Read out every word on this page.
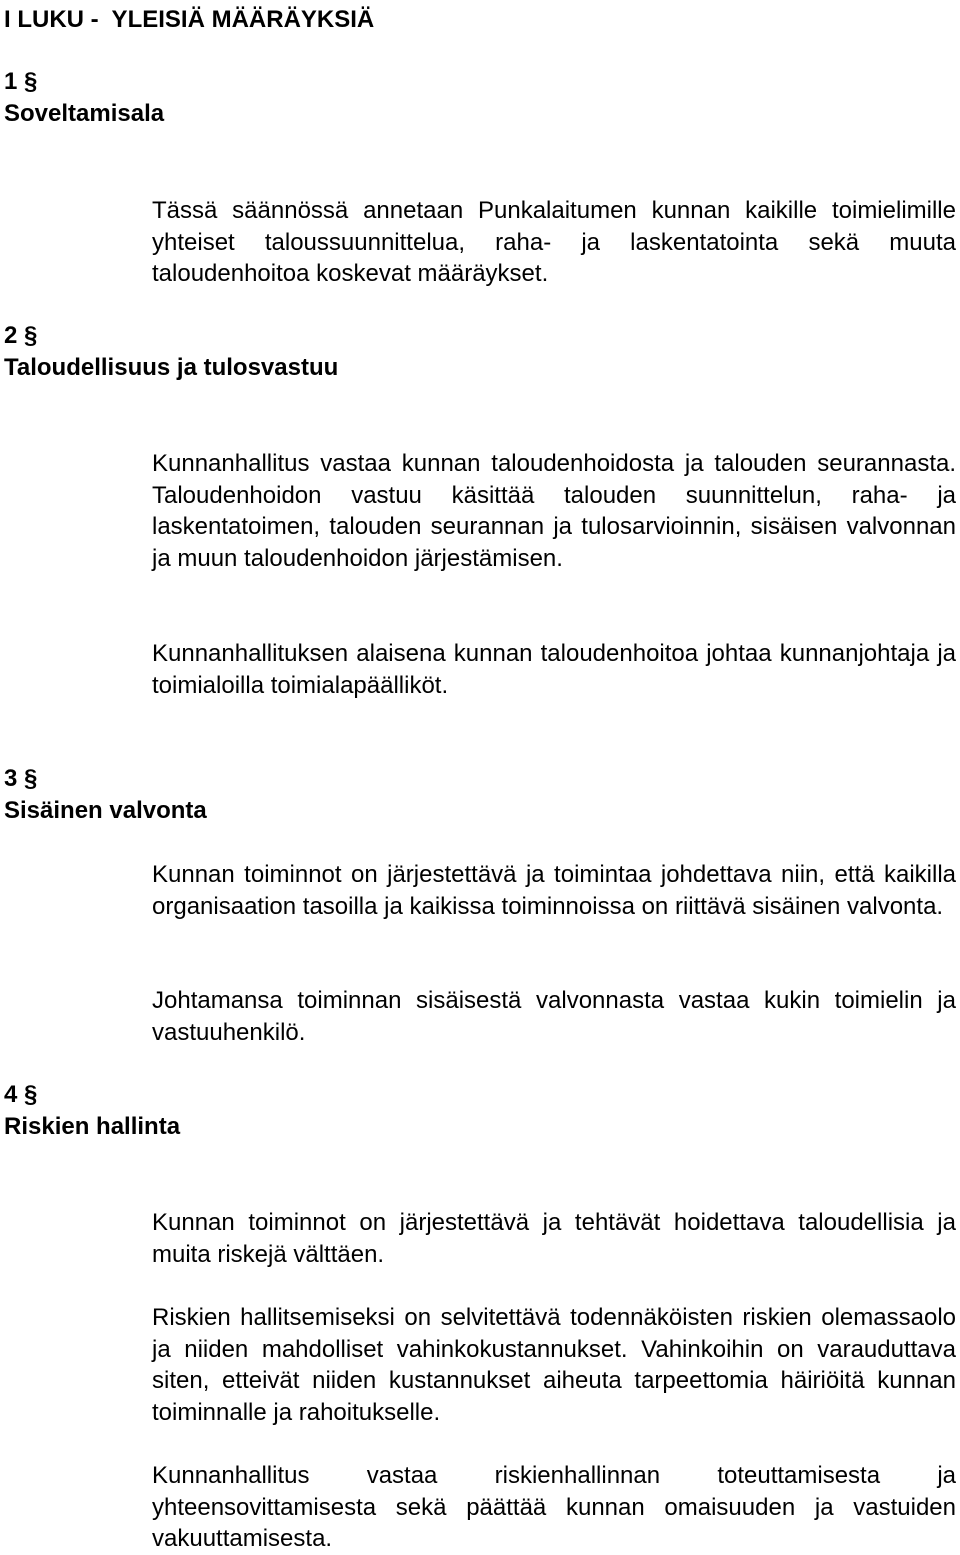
I LUKU -  YLEISIÄ MÄÄRÄYKSIÄ
1 §
Soveltamisala

Tässä säännössä annetaan Punkalaitumen kunnan kaikille toimielimille yhteiset taloussuunnittelua, raha- ja laskentatointa sekä muuta taloudenhoitoa koskevat määräykset.

2 §
Taloudellisuus ja tulosvastuu

Kunnanhallitus vastaa kunnan taloudenhoidosta ja talouden seurannasta. Taloudenhoidon vastuu käsittää talouden suunnittelun, raha- ja laskentatoimen, talouden seurannan ja tulosarvioinnin, sisäisen valvonnan ja muun taloudenhoidon järjestämisen.

Kunnanhallituksen alaisena kunnan taloudenhoitoa johtaa kunnanjohtaja ja toimialoilla toimialapäälliköt.

3 §
Sisäinen valvonta

Kunnan toiminnot on järjestettävä ja toimintaa johdettava niin, että kaikilla organisaation tasoilla ja kaikissa toiminnoissa on riittävä sisäinen valvonta.

Johtamansa toiminnan sisäisestä valvonnasta vastaa kukin toimielin ja vastuuhenkilö.

4 §
Riskien hallinta

Kunnan toiminnot on järjestettävä ja tehtävät hoidettava taloudellisia ja muita riskejä välttäen.

Riskien hallitsemiseksi on selvitettävä todennäköisten riskien olemassaolo ja niiden mahdolliset vahinkokustannukset. Vahinkoihin on varauduttava siten, etteivät niiden kustannukset aiheuta tarpeettomia häiriöitä kunnan toiminnalle ja rahoitukselle.

Kunnanhallitus vastaa riskienhallinnan toteuttamisesta ja yhteensovittamisesta sekä päättää kunnan omaisuuden ja vastuiden vakuuttamisesta.
